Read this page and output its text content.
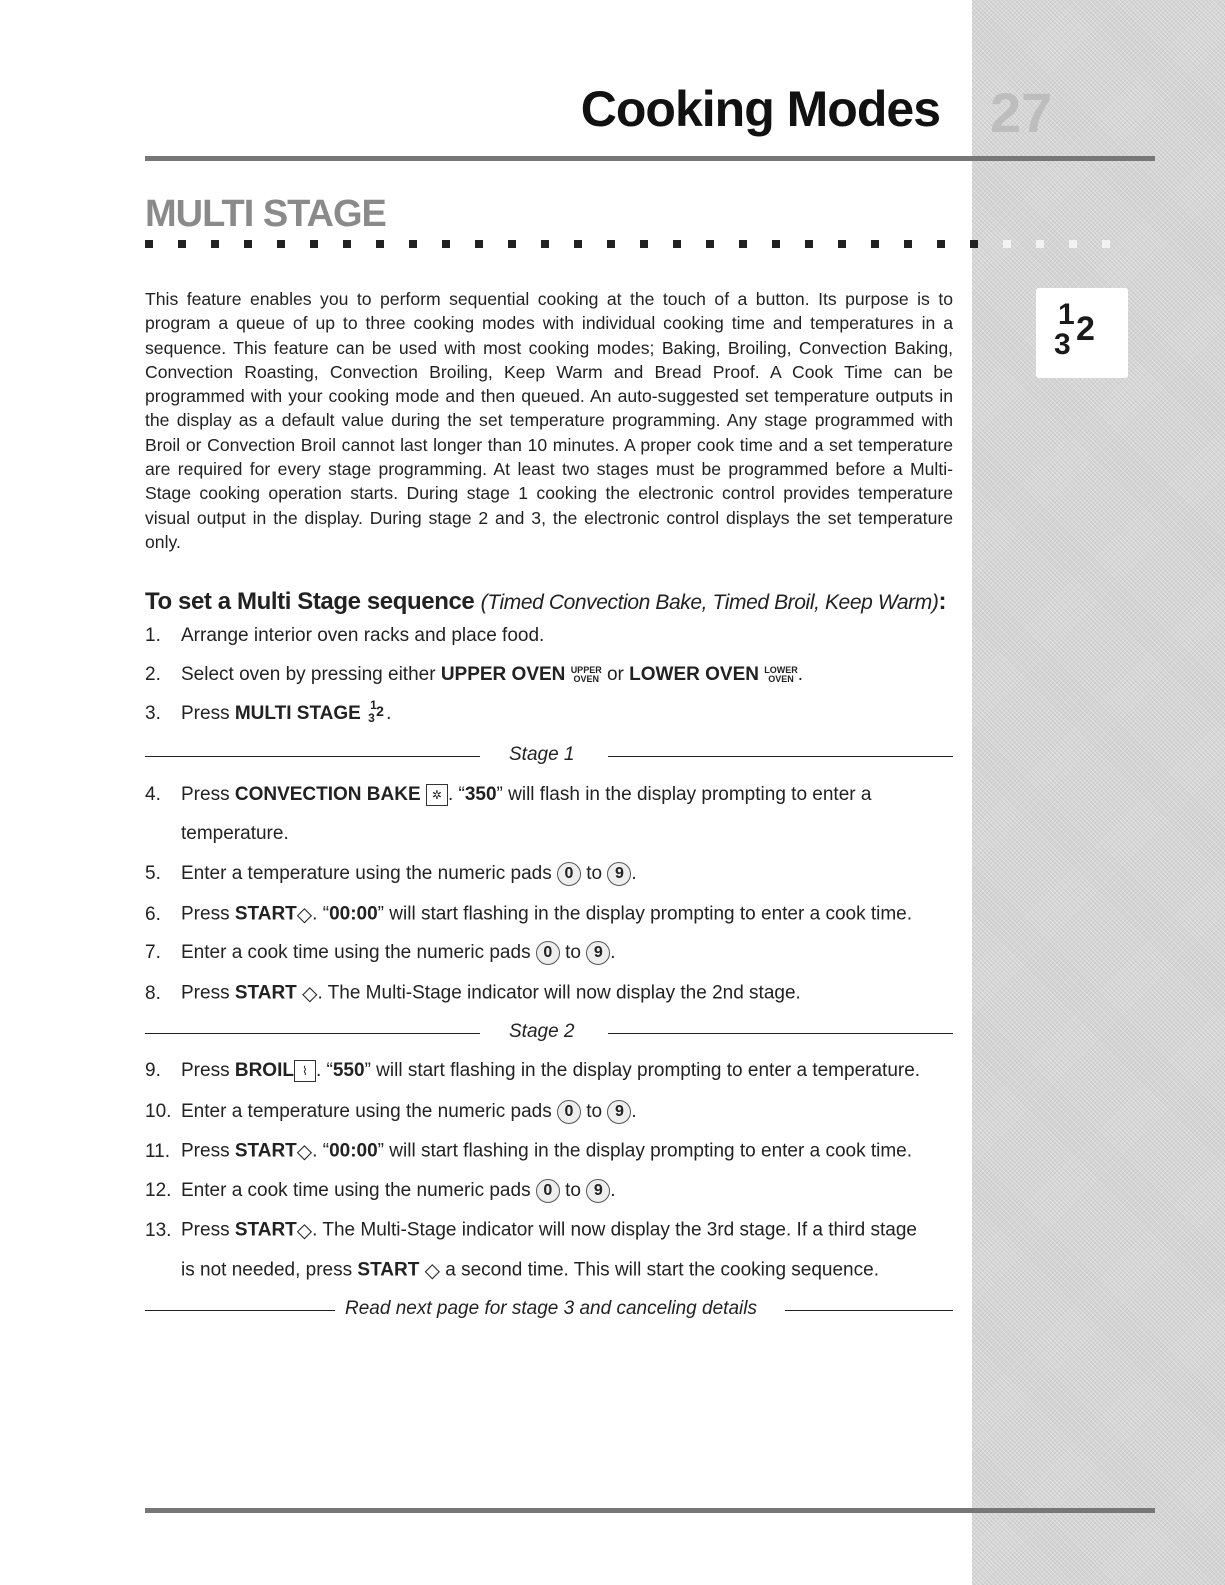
Cooking Modes 27
MULTI STAGE
1 2
3

This feature enables you to perform sequential cooking at the touch of a button. Its purpose is to program a queue of up to three cooking modes with individual cooking time and temperatures in a sequence. This feature can be used with most cooking modes; Baking, Broiling, Convection Baking, Convection Roasting, Convection Broiling, Keep Warm and Bread Proof. A Cook Time can be programmed with your cooking mode and then queued. An auto-suggested set temperature outputs in the display as a default value during the set temperature programming. Any stage programmed with Broil or Convection Broil cannot last longer than 10 minutes. A proper cook time and a set temperature are required for every stage programming. At least two stages must be programmed before a Multi-Stage cooking operation starts. During stage 1 cooking the electronic control provides temperature visual output in the display. During stage 2 and 3, the electronic control displays the set temperature only.

To set a Multi Stage sequence (Timed Convection Bake, Timed Broil, Keep Warm):
1. Arrange interior oven racks and place food.
2. Select oven by pressing either UPPER OVEN UPPER
OVEN or LOWER OVEN LOWER
OVEN .
3. Press MULTI STAGE 1 2
3 .
Stage 1
4. Press CONVECTION BAKE ✲ . “350” will flash in the display prompting to enter a
temperature.
5. Enter a temperature using the numeric pads 0 to 9 .
6. Press START◇. “00:00” will start flashing in the display prompting to enter a cook time.
7. Enter a cook time using the numeric pads 0 to 9 .
8. Press START ◇. The Multi-Stage indicator will now display the 2nd stage.
Stage 2
9. Press BROIL ⌇ . “550” will start flashing in the display prompting to enter a temperature.
10. Enter a temperature using the numeric pads 0 to 9 .
11. Press START◇. “00:00” will start flashing in the display prompting to enter a cook time.
12. Enter a cook time using the numeric pads 0 to 9 .
13. Press START◇. The Multi-Stage indicator will now display the 3rd stage. If a third stage
is not needed, press START ◇ a second time. This will start the cooking sequence.
Read next page for stage 3 and canceling details
